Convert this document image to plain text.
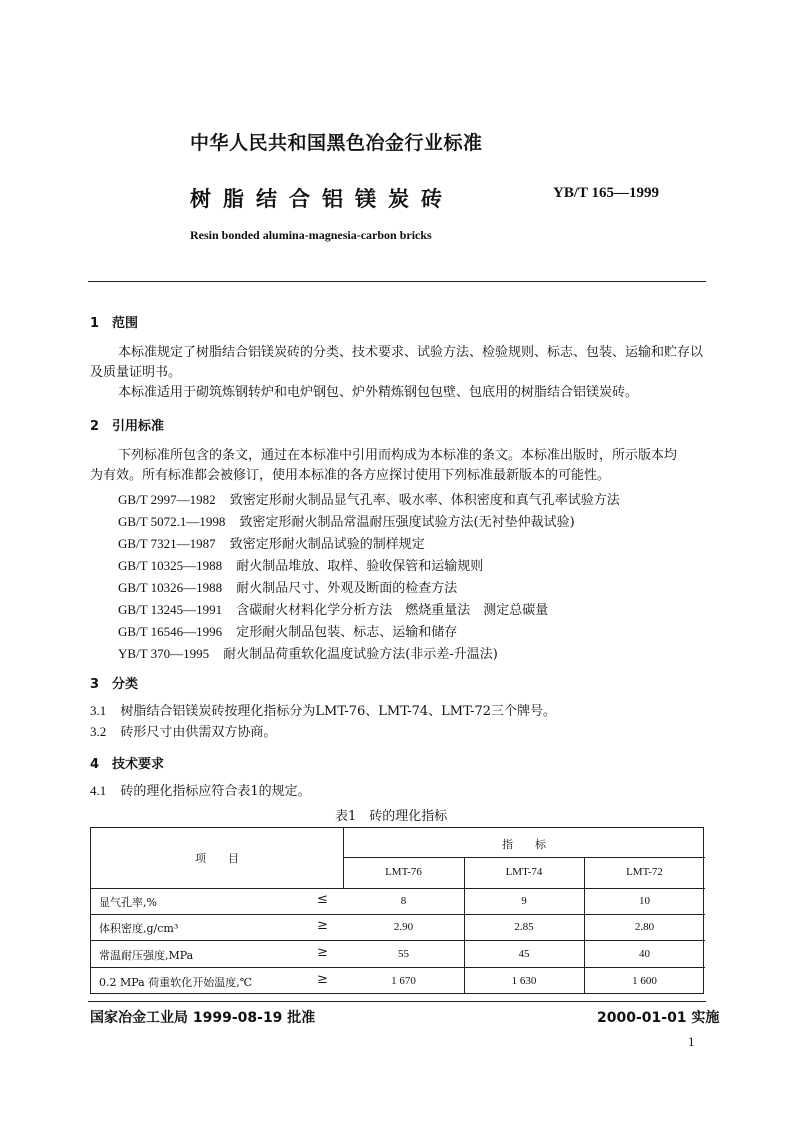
中华人民共和国黑色冶金行业标准
树脂结合铝镁炭砖	YB/T 165—1999
Resin bonded alumina-magnesia-carbon bricks
1　范围
本标准规定了树脂结合铝镁炭砖的分类、技术要求、试验方法、检验规则、标志、包装、运输和贮存以
及质量证明书。
本标准适用于砌筑炼钢转炉和电炉钢包、炉外精炼钢包包壁、包底用的树脂结合铝镁炭砖。
2　引用标准
下列标准所包含的条文，通过在本标准中引用而构成为本标准的条文。本标准出版时，所示版本均
为有效。所有标准都会被修订，使用本标准的各方应探讨使用下列标准最新版本的可能性。
GB/T 2997—1982 致密定形耐火制品显气孔率、吸水率、体积密度和真气孔率试验方法
GB/T 5072.1—1998 致密定形耐火制品常温耐压强度试验方法(无衬垫仲裁试验)
GB/T 7321—1987 致密定形耐火制品试验的制样规定
GB/T 10325—1988 耐火制品堆放、取样、验收保管和运输规则
GB/T 10326—1988 耐火制品尺寸、外观及断面的检查方法
GB/T 13245—1991 含碳耐火材料化学分析方法　燃烧重量法　测定总碳量
GB/T 16546—1996 定形耐火制品包装、标志、运输和储存
YB/T 370—1995 耐火制品荷重软化温度试验方法(非示差-升温法)
3　分类
3.1 树脂结合铝镁炭砖按理化指标分为LMT-76、LMT-74、LMT-72三个牌号。
3.2 砖形尺寸由供需双方协商。
4　技术要求
4.1 砖的理化指标应符合表1的规定。
表1　砖的理化指标
项　　目
指　　标
LMT-76	LMT-74	LMT-72
显气孔率,%	≤	8	9	10
体积密度,g/cm³	≥	2.90	2.85	2.80
常温耐压强度,MPa	≥	55	45	40
0.2 MPa 荷重软化开始温度,℃	≥	1 670	1 630	1 600
国家冶金工业局 1999-08-19 批准	2000-01-01 实施
1
